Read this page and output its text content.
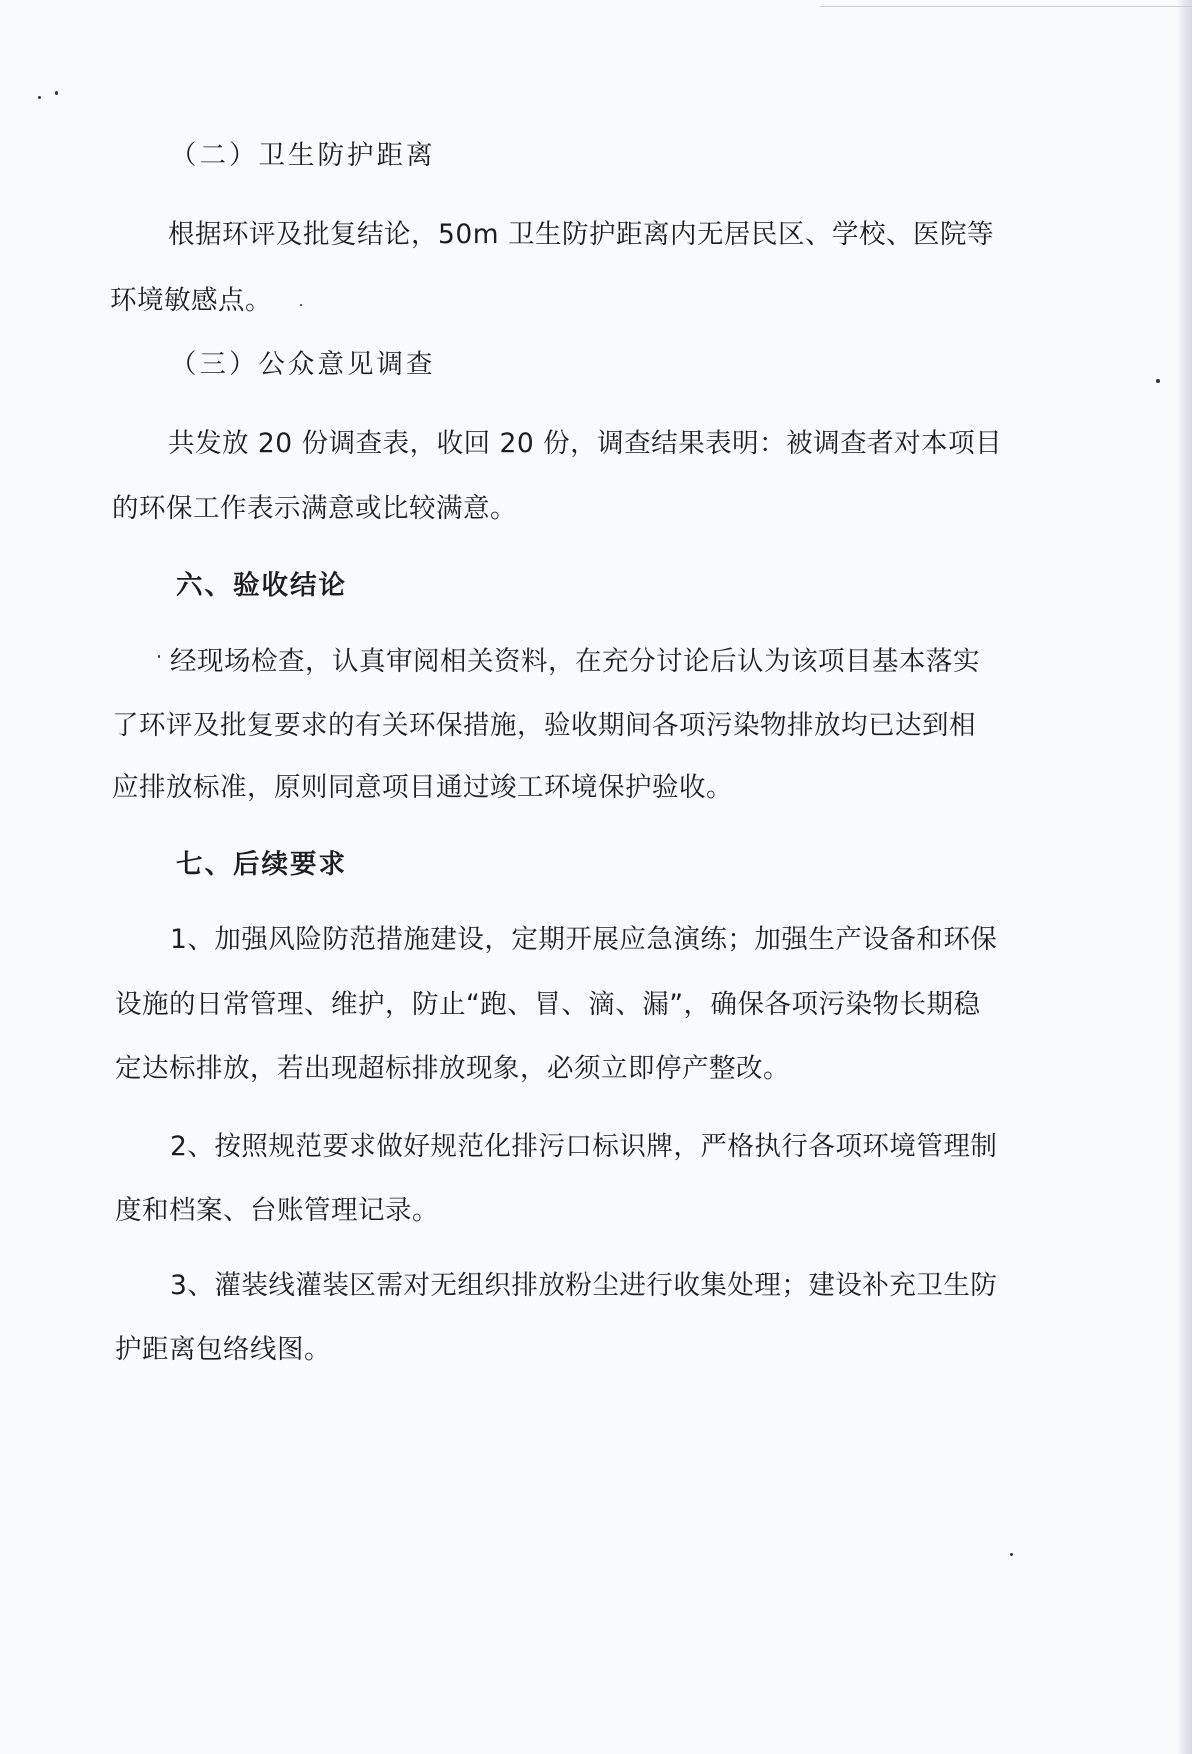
（二）卫生防护距离
根据环评及批复结论，50m 卫生防护距离内无居民区、学校、医院等
环境敏感点。
（三）公众意见调查
共发放 20 份调查表，收回 20 份，调查结果表明：被调查者对本项目
的环保工作表示满意或比较满意。
六、验收结论
经现场检查，认真审阅相关资料，在充分讨论后认为该项目基本落实
了环评及批复要求的有关环保措施，验收期间各项污染物排放均已达到相
应排放标准，原则同意项目通过竣工环境保护验收。
七、后续要求
1、加强风险防范措施建设，定期开展应急演练；加强生产设备和环保
设施的日常管理、维护，防止“跑、冒、滴、漏”，确保各项污染物长期稳
定达标排放，若出现超标排放现象，必须立即停产整改。
2、按照规范要求做好规范化排污口标识牌，严格执行各项环境管理制
度和档案、台账管理记录。
3、灌装线灌装区需对无组织排放粉尘进行收集处理；建设补充卫生防
护距离包络线图。
